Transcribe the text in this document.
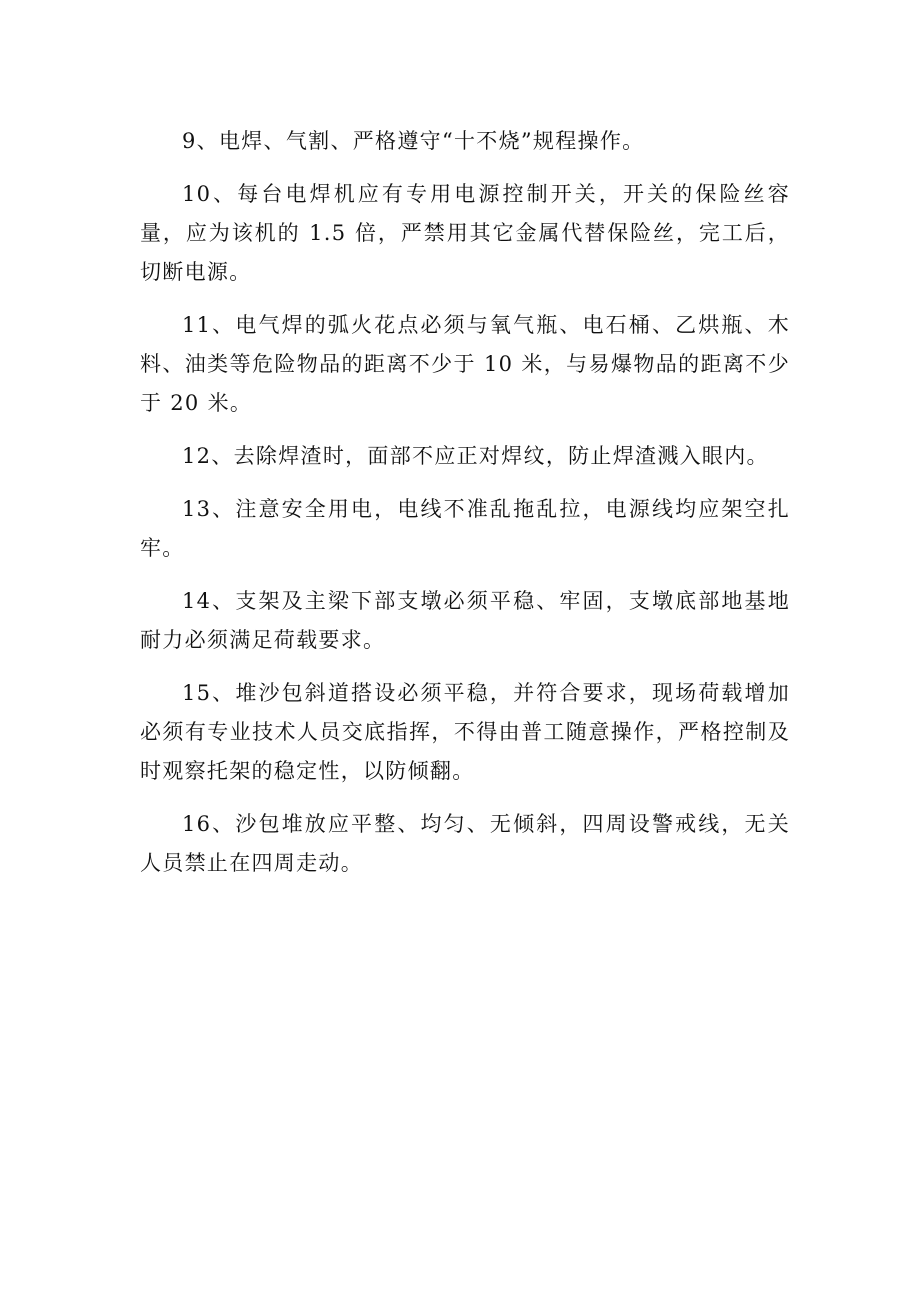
9、电焊、气割、严格遵守“十不烧”规程操作。

10、每台电焊机应有专用电源控制开关，开关的保险丝容量，应为该机的 1.5 倍，严禁用其它金属代替保险丝，完工后，切断电源。

11、电气焊的弧火花点必须与氧气瓶、电石桶、乙烘瓶、木料、油类等危险物品的距离不少于 10 米，与易爆物品的距离不少于 20 米。

12、去除焊渣时，面部不应正对焊纹，防止焊渣溅入眼内。

13、注意安全用电，电线不准乱拖乱拉，电源线均应架空扎牢。

14、支架及主梁下部支墩必须平稳、牢固，支墩底部地基地耐力必须满足荷载要求。

15、堆沙包斜道搭设必须平稳，并符合要求，现场荷载增加必须有专业技术人员交底指挥，不得由普工随意操作，严格控制及时观察托架的稳定性，以防倾翻。

16、沙包堆放应平整、均匀、无倾斜，四周设警戒线，无关人员禁止在四周走动。
